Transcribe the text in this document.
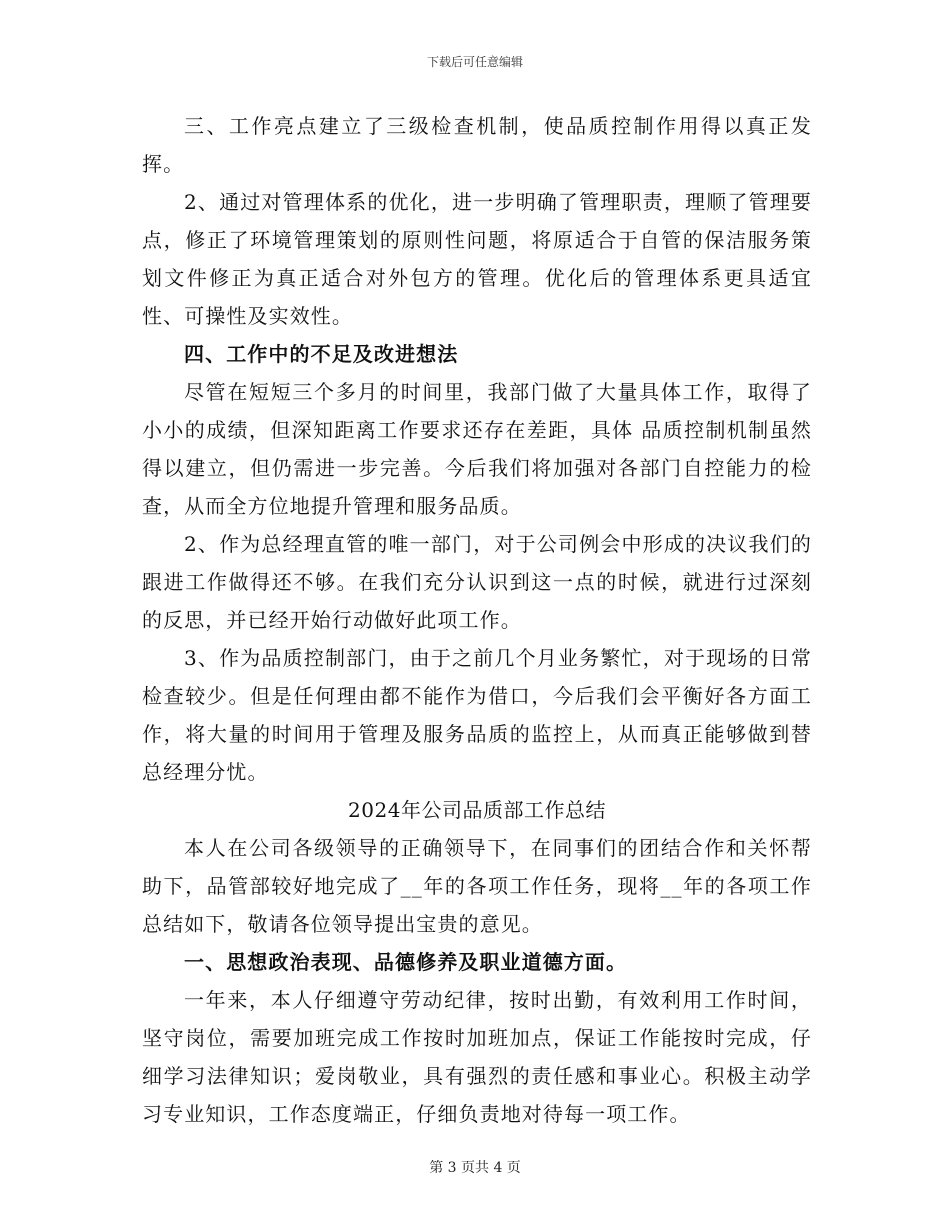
下载后可任意编辑

三、工作亮点建立了三级检查机制，使品质控制作用得以真正发挥。

2、通过对管理体系的优化，进一步明确了管理职责，理顺了管理要点，修正了环境管理策划的原则性问题，将原适合于自管的保洁服务策划文件修正为真正适合对外包方的管理。优化后的管理体系更具适宜性、可操性及实效性。

四、工作中的不足及改进想法

尽管在短短三个多月的时间里，我部门做了大量具体工作，取得了小小的成绩，但深知距离工作要求还存在差距，具体 品质控制机制虽然得以建立，但仍需进一步完善。今后我们将加强对各部门自控能力的检查，从而全方位地提升管理和服务品质。

2、作为总经理直管的唯一部门，对于公司例会中形成的决议我们的跟进工作做得还不够。在我们充分认识到这一点的时候，就进行过深刻的反思，并已经开始行动做好此项工作。

3、作为品质控制部门，由于之前几个月业务繁忙，对于现场的日常检查较少。但是任何理由都不能作为借口，今后我们会平衡好各方面工作，将大量的时间用于管理及服务品质的监控上，从而真正能够做到替总经理分忧。

2024年公司品质部工作总结

本人在公司各级领导的正确领导下，在同事们的团结合作和关怀帮助下，品管部较好地完成了__年的各项工作任务，现将__年的各项工作总结如下，敬请各位领导提出宝贵的意见。

一、思想政治表现、品德修养及职业道德方面。

一年来，本人仔细遵守劳动纪律，按时出勤，有效利用工作时间，坚守岗位，需要加班完成工作按时加班加点，保证工作能按时完成，仔细学习法律知识；爱岗敬业，具有强烈的责任感和事业心。积极主动学习专业知识，工作态度端正，仔细负责地对待每一项工作。

第 3 页共 4 页
